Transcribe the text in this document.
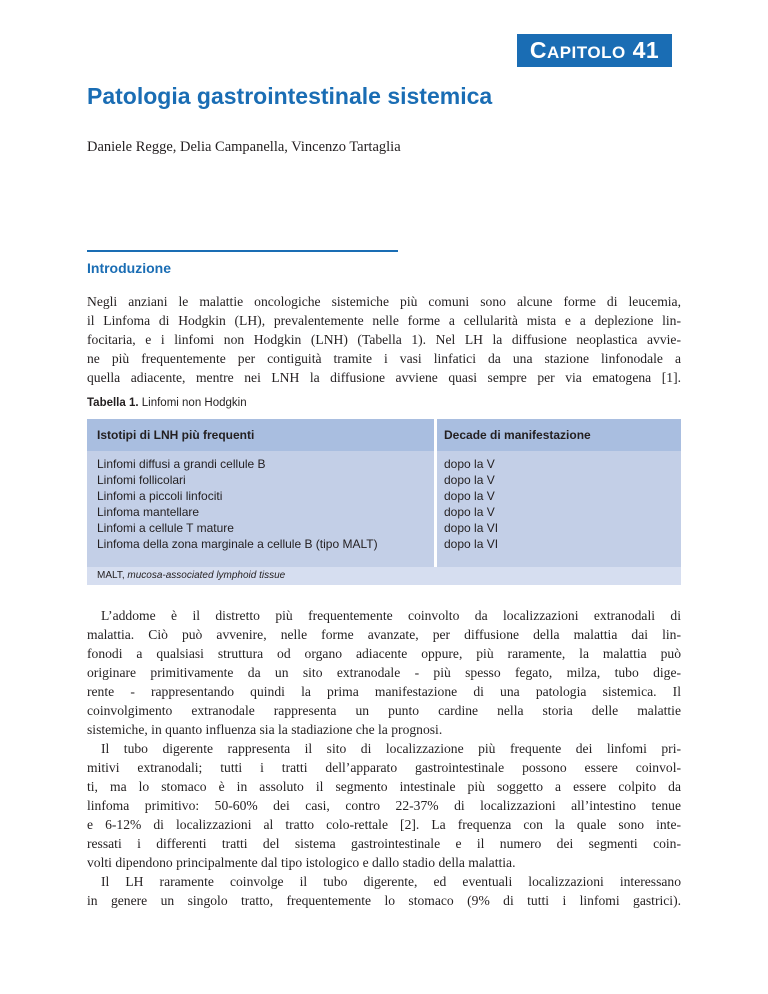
CAPITOLO 41
Patologia gastrointestinale sistemica
Daniele Regge, Delia Campanella, Vincenzo Tartaglia
Introduzione
Negli anziani le malattie oncologiche sistemiche più comuni sono alcune forme di leucemia,
il Linfoma di Hodgkin (LH), prevalentemente nelle forme a cellularità mista e a deplezione lin-
focitaria, e i linfomi non Hodgkin (LNH) (Tabella 1). Nel LH la diffusione neoplastica avvie-
ne più frequentemente per contiguità tramite i vasi linfatici da una stazione linfonodale a
quella adiacente, mentre nei LNH la diffusione avviene quasi sempre per via ematogena [1].
Tabella 1. Linfomi non Hodgkin
Istotipi di LNH più frequenti	Decade di manifestazione
Linfomi diffusi a grandi cellule B	dopo la V
Linfomi follicolari	dopo la V
Linfomi a piccoli linfociti	dopo la V
Linfoma mantellare	dopo la V
Linfomi a cellule T mature	dopo la VI
Linfoma della zona marginale a cellule B (tipo MALT)	dopo la VI
MALT, mucosa-associated lymphoid tissue
L’addome è il distretto più frequentemente coinvolto da localizzazioni extranodali di
malattia. Ciò può avvenire, nelle forme avanzate, per diffusione della malattia dai lin-
fonodi a qualsiasi struttura od organo adiacente oppure, più raramente, la malattia può
originare primitivamente da un sito extranodale - più spesso fegato, milza, tubo dige-
rente - rappresentando quindi la prima manifestazione di una patologia sistemica. Il
coinvolgimento extranodale rappresenta un punto cardine nella storia delle malattie
sistemiche, in quanto influenza sia la stadiazione che la prognosi.
Il tubo digerente rappresenta il sito di localizzazione più frequente dei linfomi pri-
mitivi extranodali; tutti i tratti dell’apparato gastrointestinale possono essere coinvol-
ti, ma lo stomaco è in assoluto il segmento intestinale più soggetto a essere colpito da
linfoma primitivo: 50-60% dei casi, contro 22-37% di localizzazioni all’intestino tenue
e 6-12% di localizzazioni al tratto colo-rettale [2]. La frequenza con la quale sono inte-
ressati i differenti tratti del sistema gastrointestinale e il numero dei segmenti coin-
volti dipendono principalmente dal tipo istologico e dallo stadio della malattia.
Il LH raramente coinvolge il tubo digerente, ed eventuali localizzazioni interessano
in genere un singolo tratto, frequentemente lo stomaco (9% di tutti i linfomi gastrici).
